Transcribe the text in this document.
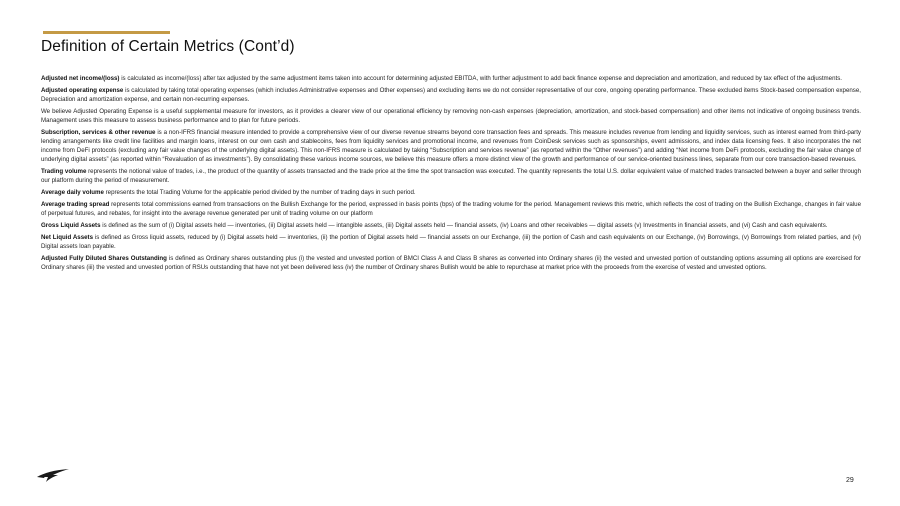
Definition of Certain Metrics (Cont’d)

Adjusted net income/(loss) is calculated as income/(loss) after tax adjusted by the same adjustment items taken into account for determining adjusted EBITDA, with further adjustment to add back finance expense and depreciation and amortization, and reduced by tax effect of the adjustments.

Adjusted operating expense is calculated by taking total operating expenses (which includes Administrative expenses and Other expenses) and excluding items we do not consider representative of our core, ongoing operating performance. These excluded items Stock-based compensation expense, Depreciation and amortization expense, and certain non-recurring expenses.

We believe Adjusted Operating Expense is a useful supplemental measure for investors, as it provides a clearer view of our operational efficiency by removing non-cash expenses (depreciation, amortization, and stock-based compensation) and other items not indicative of ongoing business trends. Management uses this measure to assess business performance and to plan for future periods.

Subscription, services & other revenue is a non-IFRS financial measure intended to provide a comprehensive view of our diverse revenue streams beyond core transaction fees and spreads. This measure includes revenue from lending and liquidity services, such as interest earned from third-party lending arrangements like credit line facilities and margin loans, interest on our own cash and stablecoins, fees from liquidity services and promotional income, and revenues from CoinDesk services such as sponsorships, event admissions, and index data licensing fees. It also incorporates the net income from DeFi protocols (excluding any fair value changes of the underlying digital assets). This non-IFRS measure is calculated by taking “Subscription and services revenue” (as reported within the “Other revenues”) and adding “Net income from DeFi protocols, excluding the fair value change of underlying digital assets” (as reported within “Revaluation of as investments”). By consolidating these various income sources, we believe this measure offers a more distinct view of the growth and performance of our service-oriented business lines, separate from our core transaction-based revenues.

Trading volume represents the notional value of trades, i.e., the product of the quantity of assets transacted and the trade price at the time the spot transaction was executed. The quantity represents the total U.S. dollar equivalent value of matched trades transacted between a buyer and seller through our platform during the period of measurement.

Average daily volume represents the total Trading Volume for the applicable period divided by the number of trading days in such period.

Average trading spread represents total commissions earned from transactions on the Bullish Exchange for the period, expressed in basis points (bps) of the trading volume for the period. Management reviews this metric, which reflects the cost of trading on the Bullish Exchange, changes in fair value of perpetual futures, and rebates, for insight into the average revenue generated per unit of trading volume on our platform

Gross Liquid Assets is defined as the sum of (i) Digital assets held — inventories, (ii) Digital assets held — intangible assets, (iii) Digital assets held — financial assets, (iv) Loans and other receivables — digital assets (v) Investments in financial assets, and (vi) Cash and cash equivalents.

Net Liquid Assets is defined as Gross liquid assets, reduced by (i) Digital assets held — inventories, (ii) the portion of Digital assets held — financial assets on our Exchange, (iii) the portion of Cash and cash equivalents on our Exchange, (iv) Borrowings, (v) Borrowings from related parties, and (vi) Digital assets loan payable.

Adjusted Fully Diluted Shares Outstanding is defined as Ordinary shares outstanding plus (i) the vested and unvested portion of BMCI Class A and Class B shares as converted into Ordinary shares (ii) the vested and unvested portion of outstanding options assuming all options are exercised for Ordinary shares (iii) the vested and unvested portion of RSUs outstanding that have not yet been delivered less (iv) the number of Ordinary shares Bullish would be able to repurchase at market price with the proceeds from the exercise of vested and unvested options.

29
